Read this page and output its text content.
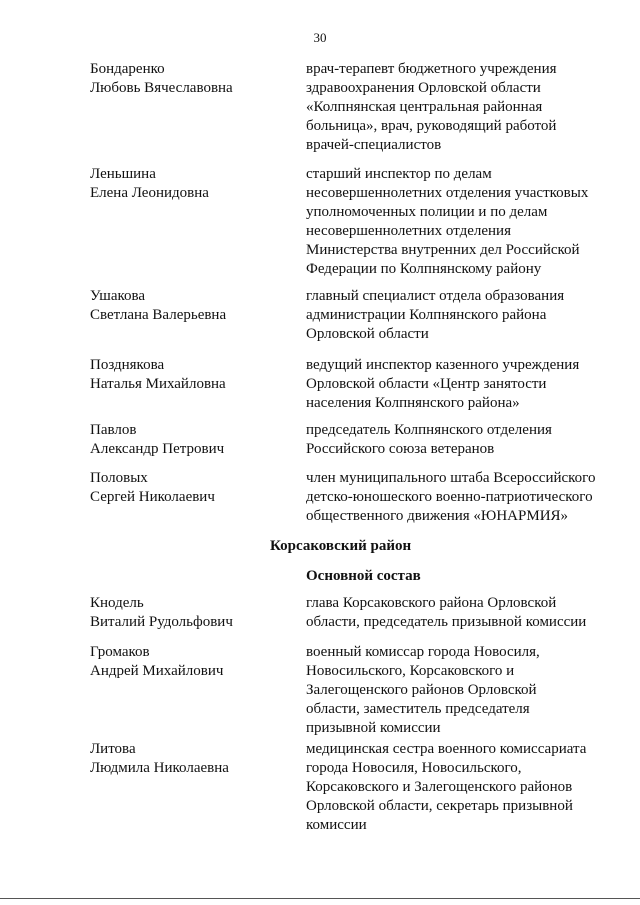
30
Бондаренко
Любовь Вячеславовна
врач-терапевт бюджетного учреждения
здравоохранения Орловской области
«Колпнянская центральная районная
больница», врач, руководящий работой
врачей-специалистов
Леньшина
Елена Леонидовна
старший инспектор по делам
несовершеннолетних отделения участковых
уполномоченных полиции и по делам
несовершеннолетних отделения
Министерства внутренних дел Российской
Федерации по Колпнянскому району
Ушакова
Светлана Валерьевна
главный специалист отдела образования
администрации Колпнянского района
Орловской области
Позднякова
Наталья Михайловна
ведущий инспектор казенного учреждения
Орловской области «Центр занятости
населения Колпнянского района»
Павлов
Александр Петрович
председатель Колпнянского отделения
Российского союза ветеранов
Половых
Сергей Николаевич
член муниципального штаба Всероссийского
детско-юношеского военно-патриотического
общественного движения «ЮНАРМИЯ»
Корсаковский район
Основной состав
Кнодель
Виталий Рудольфович
глава Корсаковского района Орловской
области, председатель призывной комиссии
Громаков
Андрей Михайлович
военный комиссар города Новосиля,
Новосильского, Корсаковского и
Залегощенского районов Орловской
области, заместитель председателя
призывной комиссии
Литова
Людмила Николаевна
медицинская сестра военного комиссариата
города Новосиля, Новосильского,
Корсаковского и Залегощенского районов
Орловской области, секретарь призывной
комиссии
